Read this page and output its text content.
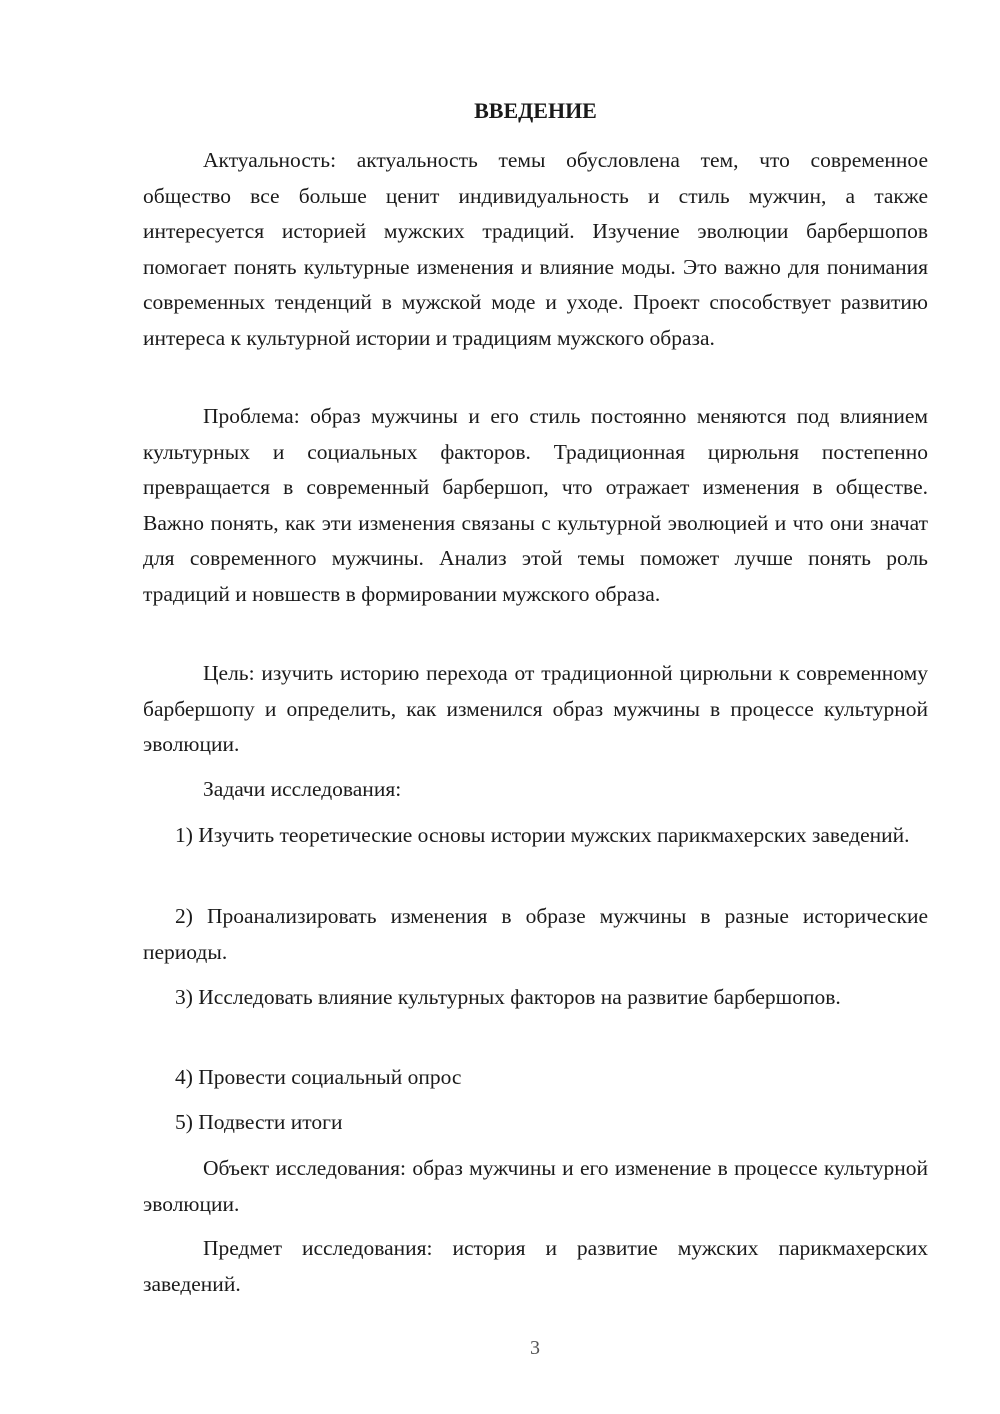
ВВЕДЕНИЕ

Актуальность: актуальность темы обусловлена тем, что современное общество все больше ценит индивидуальность и стиль мужчин, а также интересуется историей мужских традиций. Изучение эволюции барбершопов помогает понять культурные изменения и влияние моды. Это важно для понимания современных тенденций в мужской моде и уходе. Проект способствует развитию интереса к культурной истории и традициям мужского образа.

Проблема: образ мужчины и его стиль постоянно меняются под влиянием культурных и социальных факторов. Традиционная цирюльня постепенно превращается в современный барбершоп, что отражает изменения в обществе. Важно понять, как эти изменения связаны с культурной эволюцией и что они значат для современного мужчины. Анализ этой темы поможет лучше понять роль традиций и новшеств в формировании мужского образа.

Цель: изучить историю перехода от традиционной цирюльни к современному барбершопу и определить, как изменился образ мужчины в процессе культурной эволюции.

Задачи исследования:

1) Изучить теоретические основы истории мужских парикмахерских заведений.

2) Проанализировать изменения в образе мужчины в разные исторические периоды.

3) Исследовать влияние культурных факторов на развитие барбершопов.

4) Провести социальный опрос

5) Подвести итоги

Объект исследования: образ мужчины и его изменение в процессе культурной эволюции.

Предмет исследования: история и развитие мужских парикмахерских заведений.

3
